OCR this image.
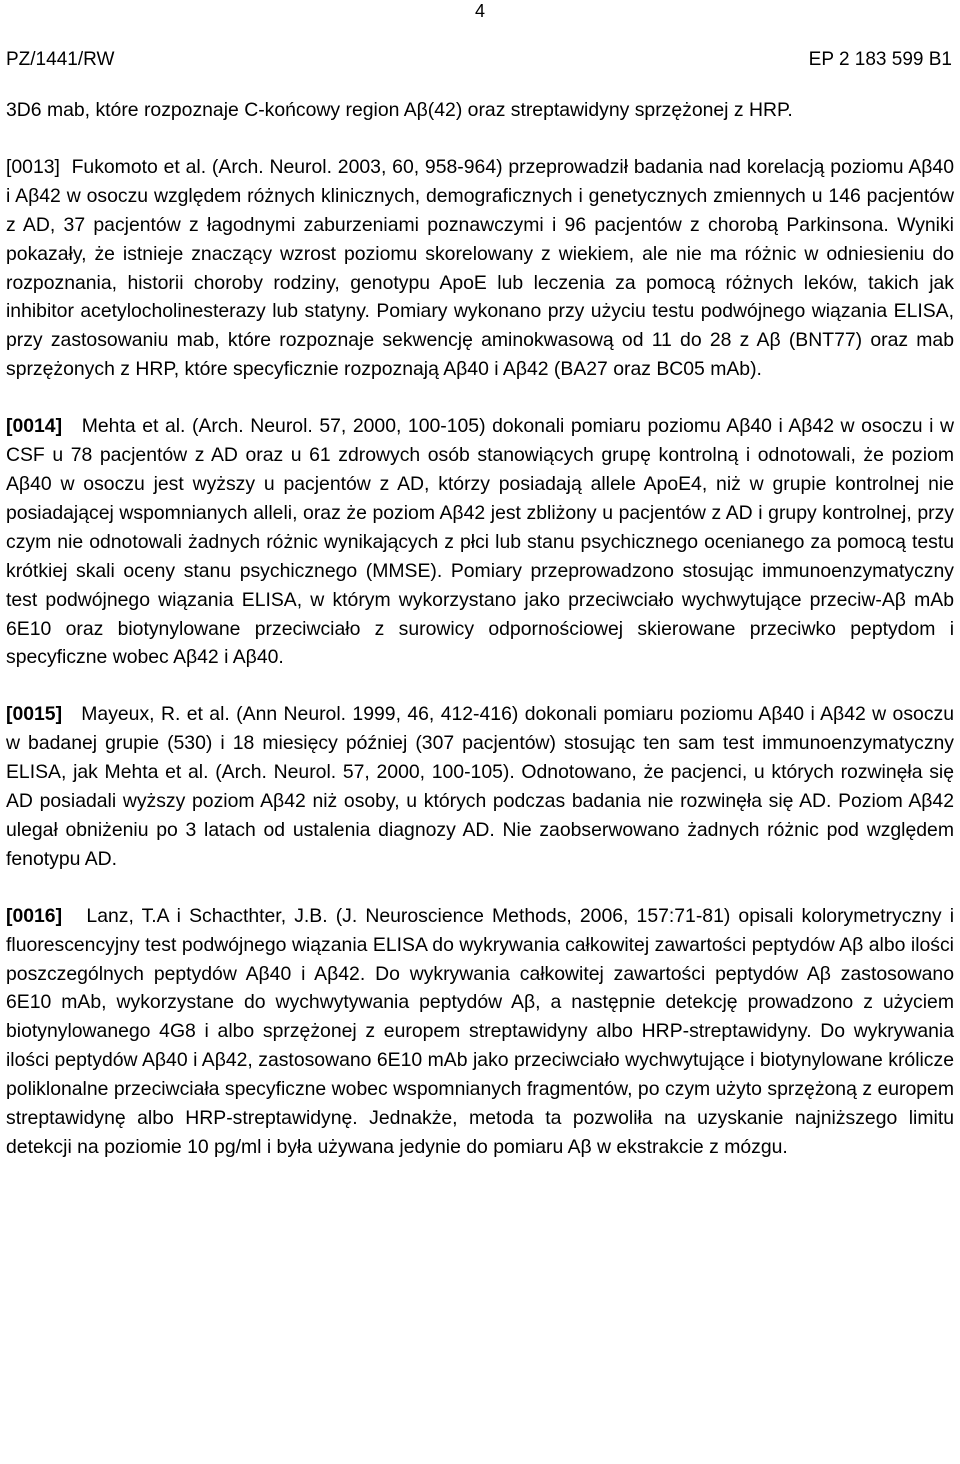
4
PZ/1441/RW	EP 2 183 599 B1

3D6 mab, które rozpoznaje C-końcowy region Aβ(42) oraz streptawidyny sprzężonej z HRP.

[0013] Fukomoto et al. (Arch. Neurol. 2003, 60, 958-964) przeprowadził badania nad korelacją poziomu Aβ40 i Aβ42 w osoczu względem różnych klinicznych, demograficznych i genetycznych zmiennych u 146 pacjentów z AD, 37 pacjentów z łagodnymi zaburzeniami poznawczymi i 96 pacjentów z chorobą Parkinsona. Wyniki pokazały, że istnieje znaczący wzrost poziomu skorelowany z wiekiem, ale nie ma różnic w odniesieniu do rozpoznania, historii choroby rodziny, genotypu ApoE lub leczenia za pomocą różnych leków, takich jak inhibitor acetylocholinesterazy lub statyny. Pomiary wykonano przy użyciu testu podwójnego wiązania ELISA, przy zastosowaniu mab, które rozpoznaje sekwencję aminokwasową od 11 do 28 z Aβ (BNT77) oraz mab sprzężonych z HRP, które specyficznie rozpoznają Aβ40 i Aβ42 (BA27 oraz BC05 mAb).

[0014] Mehta et al. (Arch. Neurol. 57, 2000, 100-105) dokonali pomiaru poziomu Aβ40 i Aβ42 w osoczu i w CSF u 78 pacjentów z AD oraz u 61 zdrowych osób stanowiących grupę kontrolną i odnotowali, że poziom Aβ40 w osoczu jest wyższy u pacjentów z AD, którzy posiadają allele ApoE4, niż w grupie kontrolnej nie posiadającej wspomnianych alleli, oraz że poziom Aβ42 jest zbliżony u pacjentów z AD i grupy kontrolnej, przy czym nie odnotowali żadnych różnic wynikających z płci lub stanu psychicznego ocenianego za pomocą testu krótkiej skali oceny stanu psychicznego (MMSE). Pomiary przeprowadzono stosując immunoenzymatyczny test podwójnego wiązania ELISA, w którym wykorzystano jako przeciwciało wychwytujące przeciw-Aβ mAb 6E10 oraz biotynylowane przeciwciało z surowicy odpornościowej skierowane przeciwko peptydom i specyficzne wobec Aβ42 i Aβ40.

[0015] Mayeux, R. et al. (Ann Neurol. 1999, 46, 412-416) dokonali pomiaru poziomu Aβ40 i Aβ42 w osoczu w badanej grupie (530) i 18 miesięcy później (307 pacjentów) stosując ten sam test immunoenzymatyczny ELISA, jak Mehta et al. (Arch. Neurol. 57, 2000, 100-105). Odnotowano, że pacjenci, u których rozwinęła się AD posiadali wyższy poziom Aβ42 niż osoby, u których podczas badania nie rozwinęła się AD. Poziom Aβ42 ulegał obniżeniu po 3 latach od ustalenia diagnozy AD. Nie zaobserwowano żadnych różnic pod względem fenotypu AD.

[0016] Lanz, T.A i Schacthter, J.B. (J. Neuroscience Methods, 2006, 157:71-81) opisali kolorymetryczny i fluorescencyjny test podwójnego wiązania ELISA do wykrywania całkowitej zawartości peptydów Aβ albo ilości poszczególnych peptydów Aβ40 i Aβ42. Do wykrywania całkowitej zawartości peptydów Aβ zastosowano 6E10 mAb, wykorzystane do wychwytywania peptydów Aβ, a następnie detekcję prowadzono z użyciem biotynylowanego 4G8 i albo sprzężonej z europem streptawidyny albo HRP-streptawidyny. Do wykrywania ilości peptydów Aβ40 i Aβ42, zastosowano 6E10 mAb jako przeciwciało wychwytujące i biotynylowane królicze poliklonalne przeciwciała specyficzne wobec wspomnianych fragmentów, po czym użyto sprzężoną z europem streptawidynę albo HRP-streptawidynę. Jednakże, metoda ta pozwoliła na uzyskanie najniższego limitu detekcji na poziomie 10 pg/ml i była używana jedynie do pomiaru Aβ w ekstrakcie z mózgu.
